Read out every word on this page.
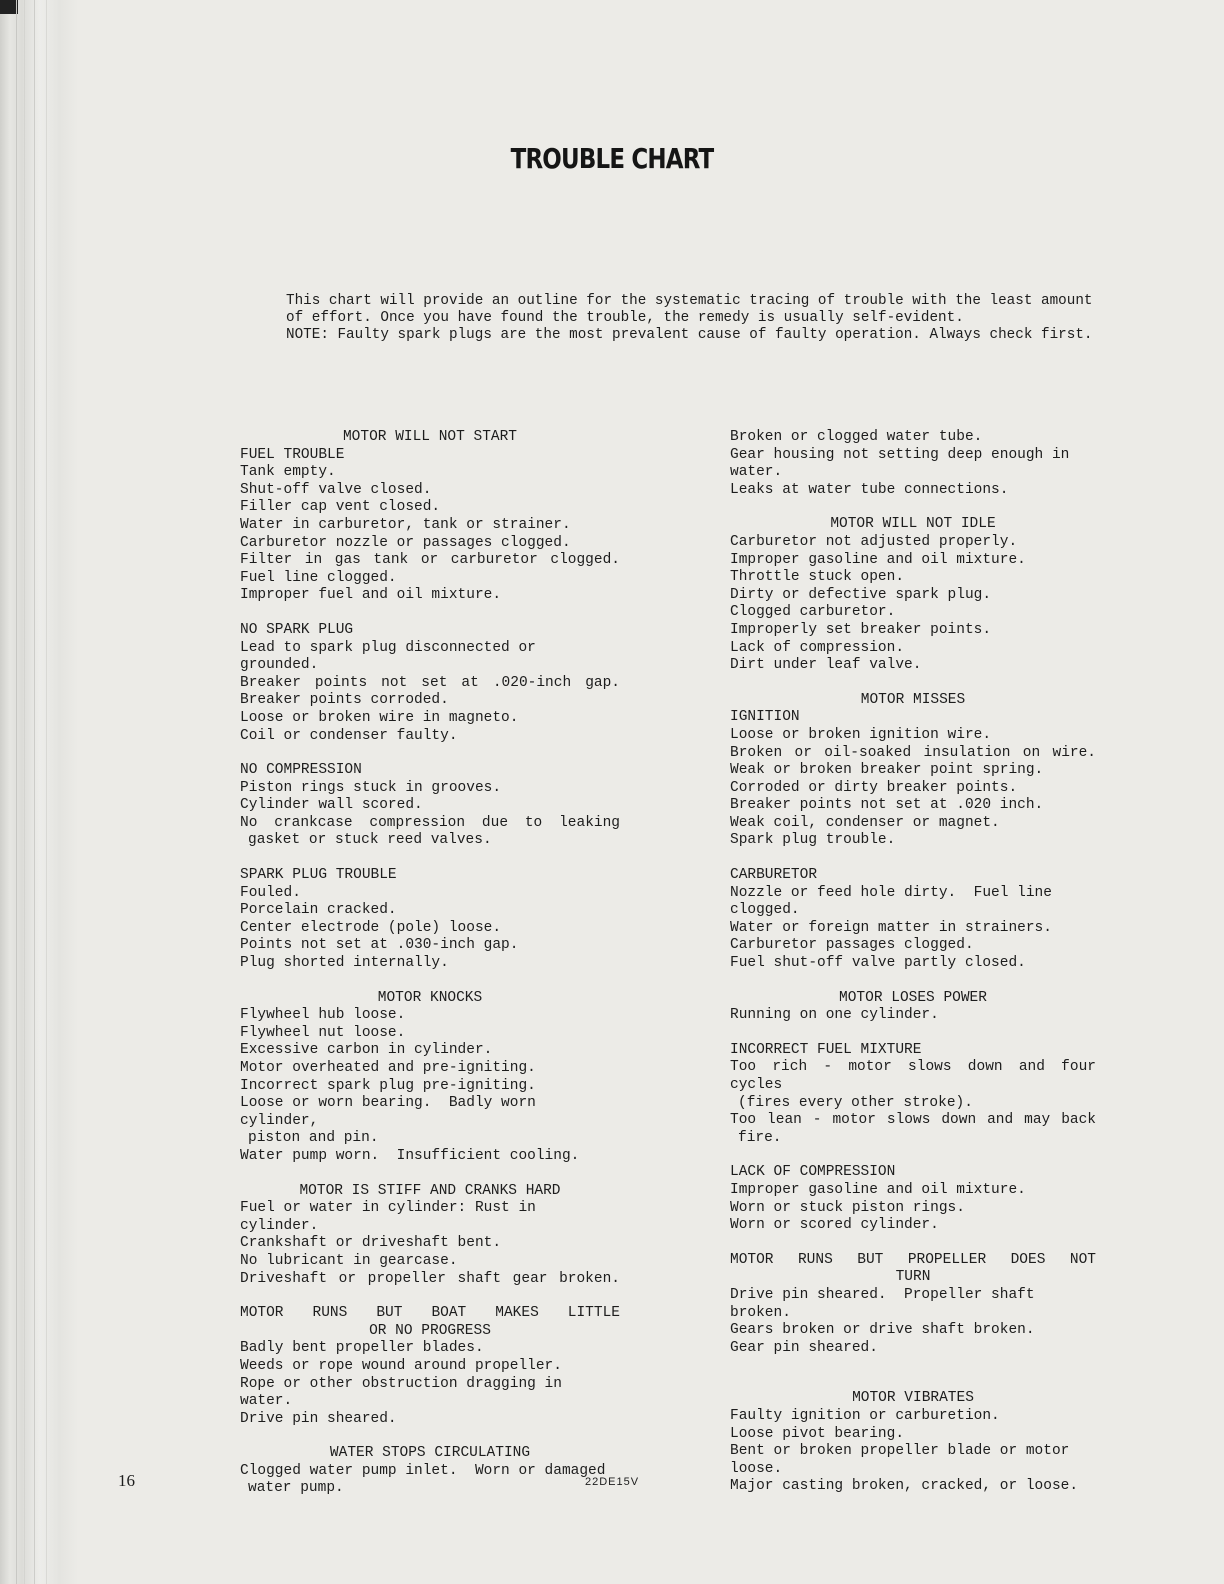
TROUBLE CHART

This chart will provide an outline for the systematic tracing of trouble with the least amount

of effort. Once you have found the trouble, the remedy is usually self-evident.

NOTE: Faulty spark plugs are the most prevalent cause of faulty operation. Always check first.

MOTOR WILL NOT START
FUEL TROUBLE
Tank empty.
Shut-off valve closed.
Filler cap vent closed.
Water in carburetor, tank or strainer.
Carburetor nozzle or passages clogged.
Filter in gas tank or carburetor clogged.
Fuel line clogged.
Improper fuel and oil mixture.
NO SPARK PLUG
Lead to spark plug disconnected or grounded.
Breaker points not set at .020-inch gap.
Breaker points corroded.
Loose or broken wire in magneto.
Coil or condenser faulty.
NO COMPRESSION
Piston rings stuck in grooves.
Cylinder wall scored.
No crankcase compression due to leaking
gasket or stuck reed valves.
SPARK PLUG TROUBLE
Fouled.
Porcelain cracked.
Center electrode (pole) loose.
Points not set at .030-inch gap.
Plug shorted internally.
MOTOR KNOCKS
Flywheel hub loose.
Flywheel nut loose.
Excessive carbon in cylinder.
Motor overheated and pre-igniting.
Incorrect spark plug pre-igniting.
Loose or worn bearing.  Badly worn cylinder,
piston and pin.
Water pump worn.  Insufficient cooling.
MOTOR IS STIFF AND CRANKS HARD
Fuel or water in cylinder: Rust in cylinder.
Crankshaft or driveshaft bent.
No lubricant in gearcase.
Driveshaft or propeller shaft gear broken.
MOTOR RUNS BUT BOAT MAKES LITTLE
OR NO PROGRESS
Badly bent propeller blades.
Weeds or rope wound around propeller.
Rope or other obstruction dragging in water.
Drive pin sheared.
WATER STOPS CIRCULATING
Clogged water pump inlet.  Worn or damaged
water pump.
Broken or clogged water tube.
Gear housing not setting deep enough in water.
Leaks at water tube connections.
MOTOR WILL NOT IDLE
Carburetor not adjusted properly.
Improper gasoline and oil mixture.
Throttle stuck open.
Dirty or defective spark plug.
Clogged carburetor.
Improperly set breaker points.
Lack of compression.
Dirt under leaf valve.
MOTOR MISSES
IGNITION
Loose or broken ignition wire.
Broken or oil-soaked insulation on wire.
Weak or broken breaker point spring.
Corroded or dirty breaker points.
Breaker points not set at .020 inch.
Weak coil, condenser or magnet.
Spark plug trouble.
CARBURETOR
Nozzle or feed hole dirty.  Fuel line clogged.
Water or foreign matter in strainers.
Carburetor passages clogged.
Fuel shut-off valve partly closed.
MOTOR LOSES POWER
Running on one cylinder.
INCORRECT FUEL MIXTURE
Too rich - motor slows down and four cycles
(fires every other stroke).
Too lean - motor slows down and may back
fire.
LACK OF COMPRESSION
Improper gasoline and oil mixture.
Worn or stuck piston rings.
Worn or scored cylinder.
MOTOR RUNS BUT PROPELLER DOES NOT
TURN
Drive pin sheared.  Propeller shaft broken.
Gears broken or drive shaft broken.
Gear pin sheared.
MOTOR VIBRATES
Faulty ignition or carburetion.
Loose pivot bearing.
Bent or broken propeller blade or motor loose.
Major casting broken, cracked, or loose.
16	22DE15V
